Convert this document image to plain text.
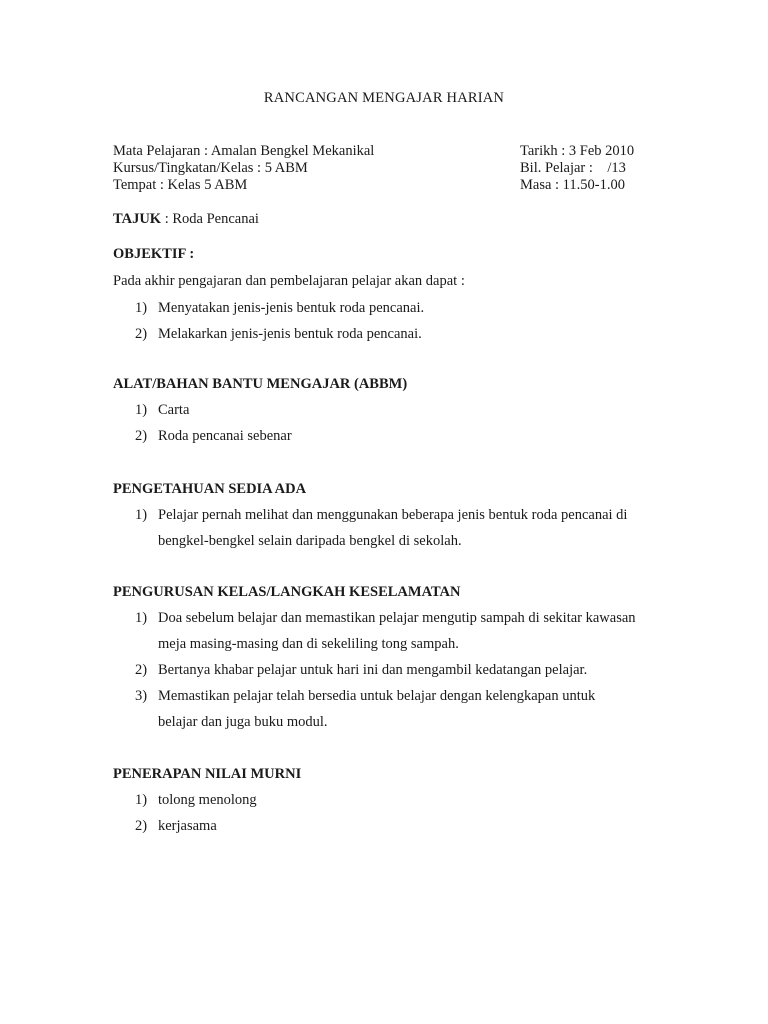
RANCANGAN MENGAJAR HARIAN
Mata Pelajaran : Amalan Bengkel Mekanikal
Kursus/Tingkatan/Kelas : 5 ABM
Tempat : Kelas 5 ABM
Tarikh : 3 Feb 2010
Bil. Pelajar :    /13
Masa : 11.50-1.00
TAJUK : Roda Pencanai
OBJEKTIF :
Pada akhir pengajaran dan pembelajaran pelajar akan dapat :
1) Menyatakan jenis-jenis bentuk roda pencanai.
2) Melakarkan jenis-jenis bentuk roda pencanai.
ALAT/BAHAN BANTU MENGAJAR (ABBM)
1) Carta
2) Roda pencanai sebenar
PENGETAHUAN SEDIA ADA
1) Pelajar pernah melihat dan menggunakan beberapa jenis bentuk roda pencanai di
bengkel-bengkel selain daripada bengkel di sekolah.
PENGURUSAN KELAS/LANGKAH KESELAMATAN
1) Doa sebelum belajar dan memastikan pelajar mengutip sampah di sekitar kawasan
meja masing-masing dan di sekeliling tong sampah.
2) Bertanya khabar pelajar untuk hari ini dan mengambil kedatangan pelajar.
3) Memastikan pelajar telah bersedia untuk belajar dengan kelengkapan untuk
belajar dan juga buku modul.
PENERAPAN NILAI MURNI
1) tolong menolong
2) kerjasama
